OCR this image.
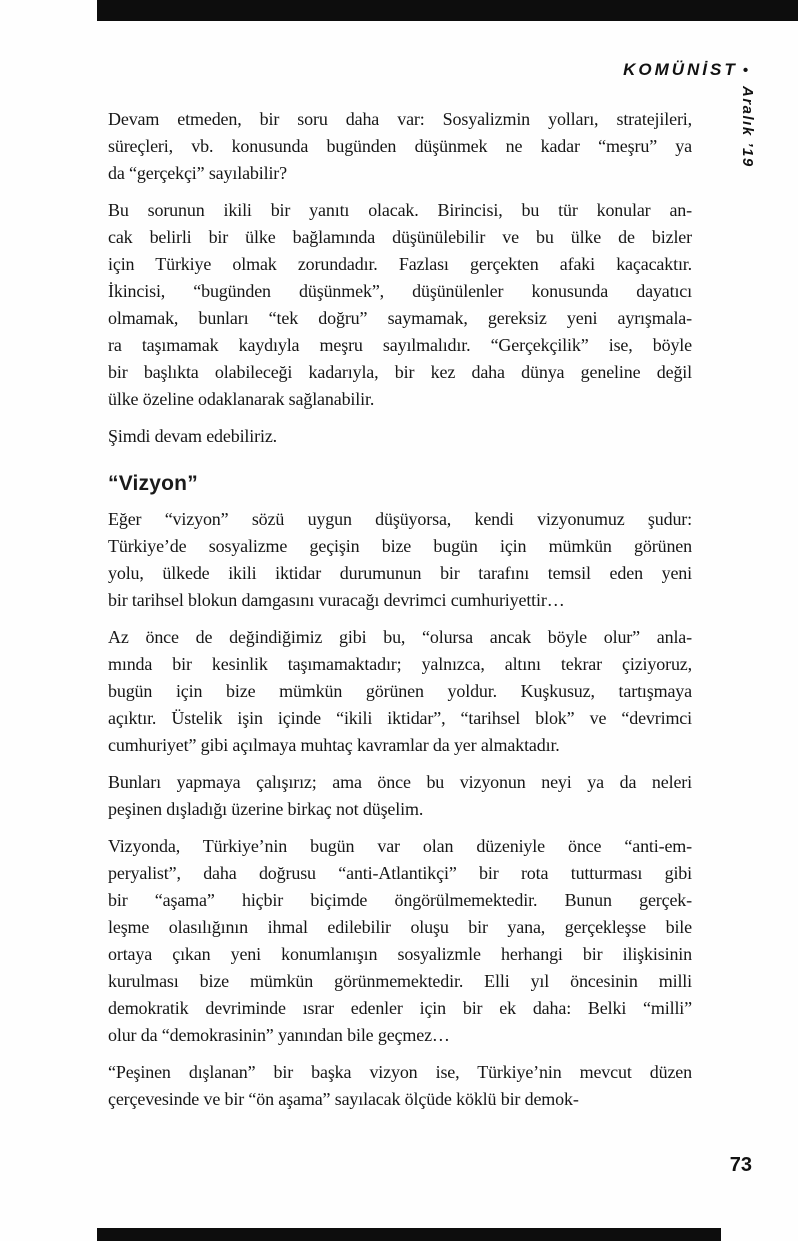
KOMÜNİST •
Aralık ’19

Devam etmeden, bir soru daha var: Sosyalizmin yolları, stratejileri,
süreçleri, vb. konusunda bugünden düşünmek ne kadar “meşru” ya
da “gerçekçi” sayılabilir?

Bu sorunun ikili bir yanıtı olacak. Birincisi, bu tür konular an-
cak belirli bir ülke bağlamında düşünülebilir ve bu ülke de bizler
için Türkiye olmak zorundadır. Fazlası gerçekten afaki kaçacaktır.
İkincisi, “bugünden düşünmek”, düşünülenler konusunda dayatıcı
olmamak, bunları “tek doğru” saymamak, gereksiz yeni ayrışmala-
ra taşımamak kaydıyla meşru sayılmalıdır. “Gerçekçilik” ise, böyle
bir başlıkta olabileceği kadarıyla, bir kez daha dünya geneline değil
ülke özeline odaklanarak sağlanabilir.

Şimdi devam edebiliriz.

“Vizyon”

Eğer “vizyon” sözü uygun düşüyorsa, kendi vizyonumuz şudur:
Türkiye’de sosyalizme geçişin bize bugün için mümkün görünen
yolu, ülkede ikili iktidar durumunun bir tarafını temsil eden yeni
bir tarihsel blokun damgasını vuracağı devrimci cumhuriyettir…

Az önce de değindiğimiz gibi bu, “olursa ancak böyle olur” anla-
mında bir kesinlik taşımamaktadır; yalnızca, altını tekrar çiziyoruz,
bugün için bize mümkün görünen yoldur. Kuşkusuz, tartışmaya
açıktır. Üstelik işin içinde “ikili iktidar”, “tarihsel blok” ve “devrimci
cumhuriyet” gibi açılmaya muhtaç kavramlar da yer almaktadır.

Bunları yapmaya çalışırız; ama önce bu vizyonun neyi ya da neleri
peşinen dışladığı üzerine birkaç not düşelim.

Vizyonda, Türkiye’nin bugün var olan düzeniyle önce “anti-em-
peryalist”, daha doğrusu “anti-Atlantikçi” bir rota tutturması gibi
bir “aşama” hiçbir biçimde öngörülmemektedir. Bunun gerçek-
leşme olasılığının ihmal edilebilir oluşu bir yana, gerçekleşse bile
ortaya çıkan yeni konumlanışın sosyalizmle herhangi bir ilişkisinin
kurulması bize mümkün görünmemektedir. Elli yıl öncesinin milli
demokratik devriminde ısrar edenler için bir ek daha: Belki “milli”
olur da “demokrasinin” yanından bile geçmez…

“Peşinen dışlanan” bir başka vizyon ise, Türkiye’nin mevcut düzen
çerçevesinde ve bir “ön aşama” sayılacak ölçüde köklü bir demok-

73
